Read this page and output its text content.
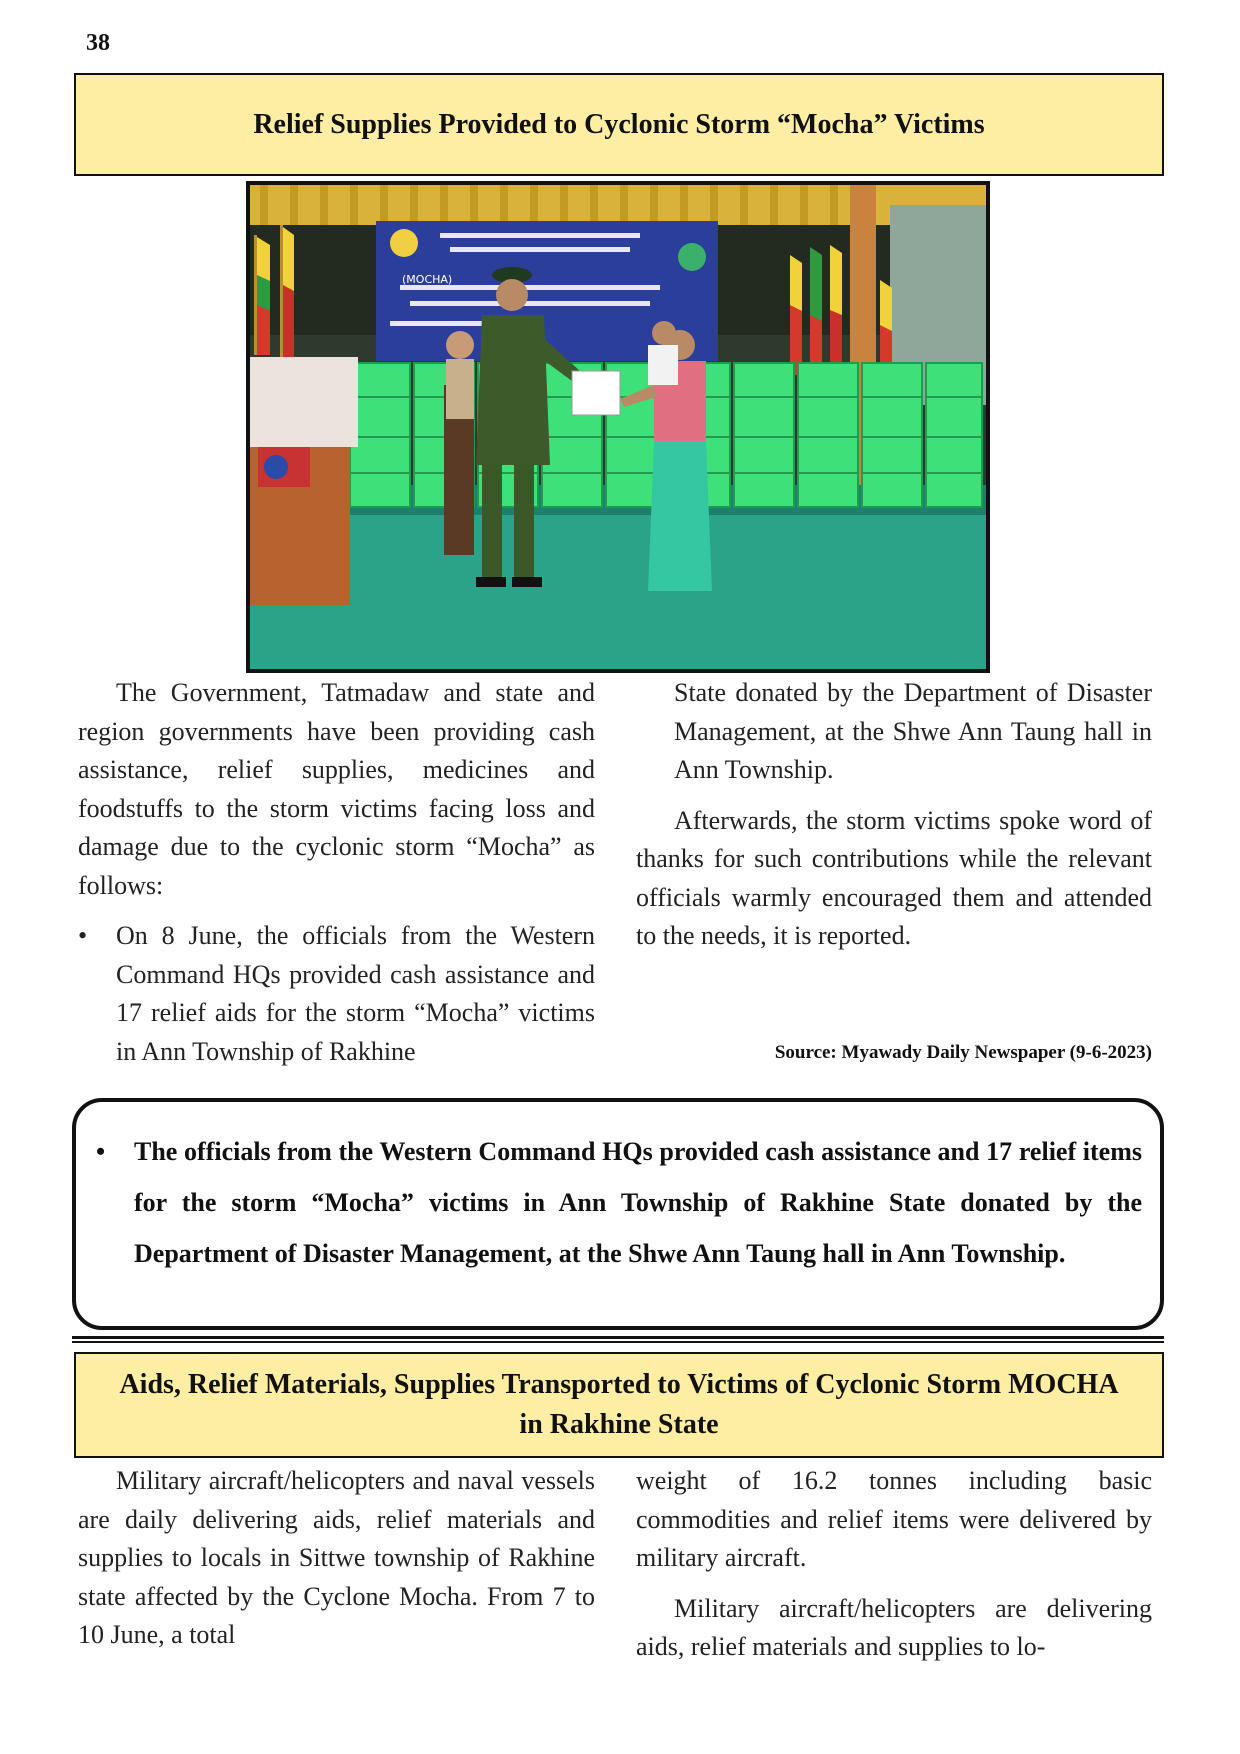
38
Relief Supplies Provided to Cyclonic Storm “Mocha” Victims
(MOCHA)

The Government, Tatmadaw and state and region governments have been providing cash assistance, relief supplies, medicines and foodstuffs to the storm victims facing loss and damage due to the cyclonic storm “Mocha” as follows:

• On 8 June, the officials from the Western Command HQs provided cash assistance and 17 relief aids for the storm “Mocha” victims in Ann Township of Rakhine

State donated by the Department of Disaster Management, at the Shwe Ann Taung hall in Ann Township.

Afterwards, the storm victims spoke word of thanks for such contributions while the relevant officials warmly encouraged them and attended to the needs, it is reported.

Source: Myawady Daily Newspaper (9-6-2023)
• The officials from the Western Command HQs provided cash assistance and 17 relief items for the storm “Mocha” victims in Ann Township of Rakhine State donated by the Department of Disaster Management, at the Shwe Ann Taung hall in Ann Township.
Aids, Relief Materials, Supplies Transported to Victims of Cyclonic Storm MOCHA in Rakhine State

Military aircraft/helicopters and naval vessels are daily delivering aids, relief materials and supplies to locals in Sittwe township of Rakhine state affected by the Cyclone Mocha. From 7 to 10 June, a total

weight of 16.2 tonnes including basic commodities and relief items were delivered by military aircraft.

Military aircraft/helicopters are delivering aids, relief materials and supplies to lo-
